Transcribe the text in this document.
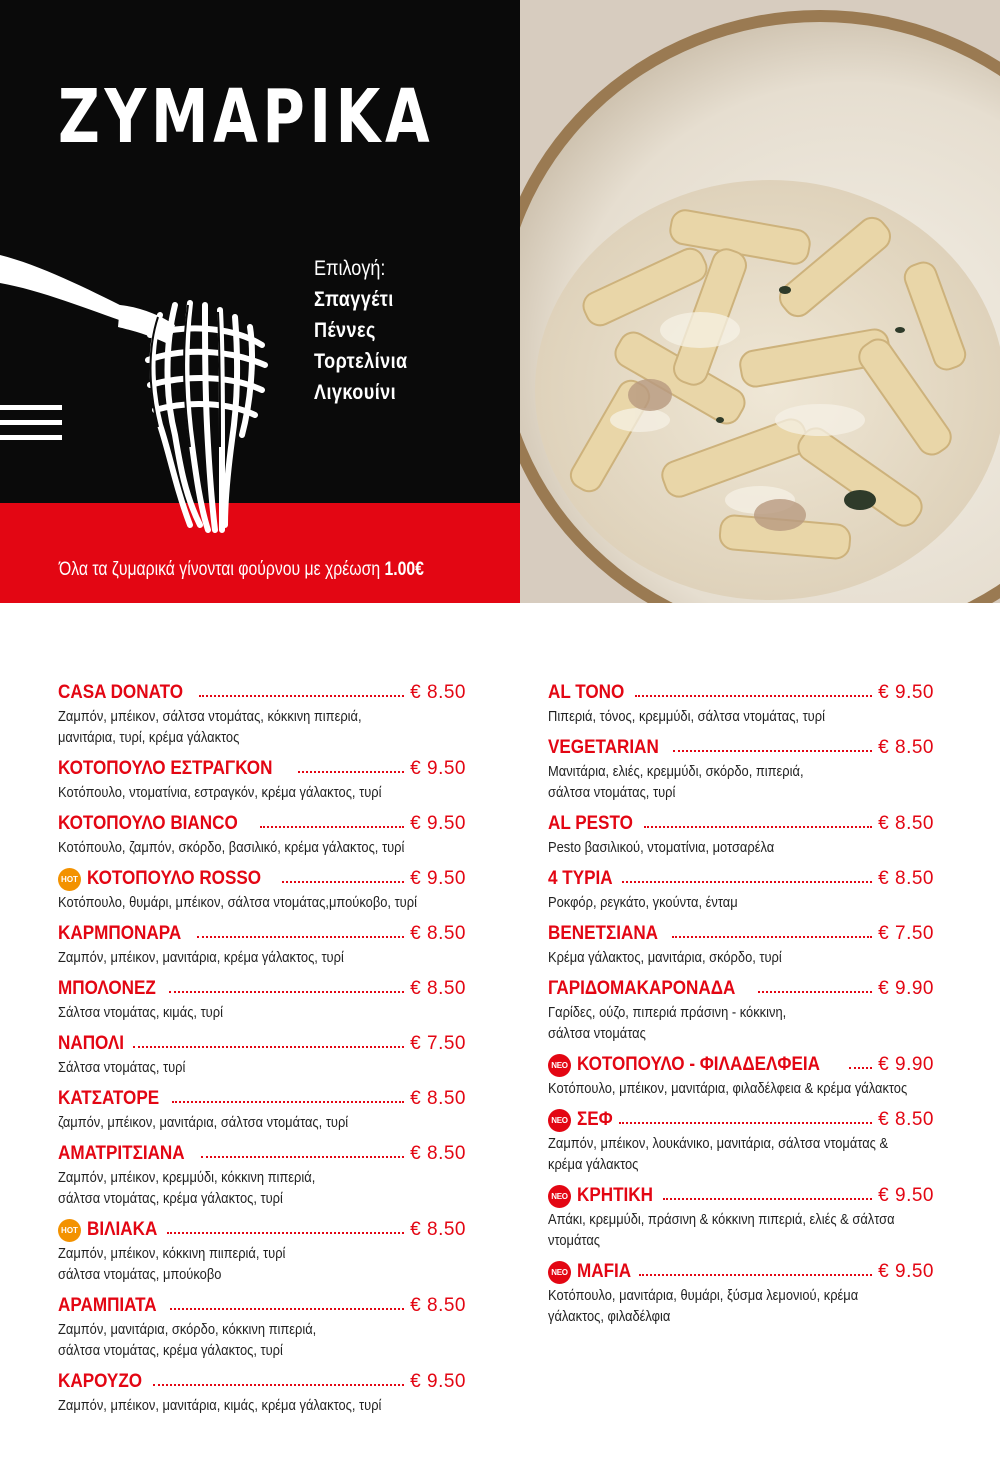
ΖΥΜΑΡΙΚΑ
Επιλογή:
Σπαγγέτι
Πέννες
Τορτελίνια
Λιγκουίνι
Όλα τα ζυμαρικά γίνονται φούρνου με χρέωση 1.00€
CASA DONATO	€ 8.50
Ζαμπόν, μπέικον, σάλτσα ντομάτας, κόκκινη πιπεριά,
μανιτάρια, τυρί, κρέμα γάλακτος
ΚΟΤΟΠΟΥΛΟ ΕΣΤΡΑΓΚΟΝ	€ 9.50
Κοτόπουλο, ντοματίνια, εστραγκόν, κρέμα γάλακτος, τυρί
ΚΟΤΟΠΟΥΛΟ BIANCO	€ 9.50
Κοτόπουλο, ζαμπόν, σκόρδο, βασιλικό, κρέμα γάλακτος, τυρί
HOT ΚΟΤΟΠΟΥΛΟ ROSSO	€ 9.50
Κοτόπουλο, θυμάρι, μπέικον, σάλτσα ντομάτας,μπούκοβο, τυρί
ΚΑΡΜΠΟΝΑΡΑ	€ 8.50
Ζαμπόν, μπέικον, μανιτάρια, κρέμα γάλακτος, τυρί
ΜΠΟΛΟΝΕΖ	€ 8.50
Σάλτσα ντομάτας, κιμάς, τυρί
ΝΑΠΟΛΙ	€ 7.50
Σάλτσα ντομάτας, τυρί
ΚΑΤΣΑΤΟΡΕ	€ 8.50
ζαμπόν, μπέικον, μανιτάρια, σάλτσα ντομάτας, τυρί
ΑΜΑΤΡΙΤΣΙΑΝΑ	€ 8.50
Ζαμπόν, μπέικον, κρεμμύδι, κόκκινη πιπεριά,
σάλτσα ντομάτας, κρέμα γάλακτος, τυρί
HOT ΒΙΛΙΑΚΑ	€ 8.50
Ζαμπόν, μπέικον, κόκκινη πιιπεριά, τυρί
σάλτσα ντομάτας, μπούκοβο
ΑΡΑΜΠΙΑΤΑ	€ 8.50
Ζαμπόν, μανιτάρια, σκόρδο, κόκκινη πιπεριά,
σάλτσα ντομάτας, κρέμα γάλακτος, τυρί
ΚΑΡΟΥΖΟ	€ 9.50
Ζαμπόν, μπέικον, μανιτάρια, κιμάς, κρέμα γάλακτος, τυρί
AL TONO	€ 9.50
Πιπεριά, τόνος, κρεμμύδι, σάλτσα ντομάτας, τυρί
VEGETARIAN	€ 8.50
Μανιτάρια, ελιές, κρεμμύδι, σκόρδο, πιπεριά,
σάλτσα ντομάτας, τυρί
AL PESTO	€ 8.50
Pesto βασιλικού, ντοματίνια, μοτσαρέλα
4 ΤΥΡΙΑ	€ 8.50
Ροκφόρ, ρεγκάτο, γκούντα, ένταμ
ΒΕΝΕΤΣΙΑΝΑ	€ 7.50
Κρέμα γάλακτος, μανιτάρια, σκόρδο, τυρί
ΓΑΡΙΔΟΜΑΚΑΡΟΝΑΔΑ	€ 9.90
Γαρίδες, ούζο, πιπεριά πράσινη - κόκκινη,
σάλτσα ντομάτας
ΝΕΟ ΚΟΤΟΠΟΥΛΟ - ΦΙΛΑΔΕΛΦΕΙΑ	€ 9.90
Κοτόπουλο, μπέικον, μανιτάρια, φιλαδέλφεια & κρέμα γάλακτος
ΝΕΟ ΣΕΦ	€ 8.50
Ζαμπόν, μπέικον, λουκάνικο, μανιτάρια, σάλτσα ντομάτας &
κρέμα γάλακτος
ΝΕΟ ΚΡΗΤΙΚΗ	€ 9.50
Απάκι, κρεμμύδι, πράσινη & κόκκινη πιπεριά, ελιές & σάλτσα
ντομάτας
ΝΕΟ MAFIA	€ 9.50
Κοτόπουλο, μανιτάρια, θυμάρι, ξύσμα λεμονιού, κρέμα
γάλακτος, φιλαδέλφια
